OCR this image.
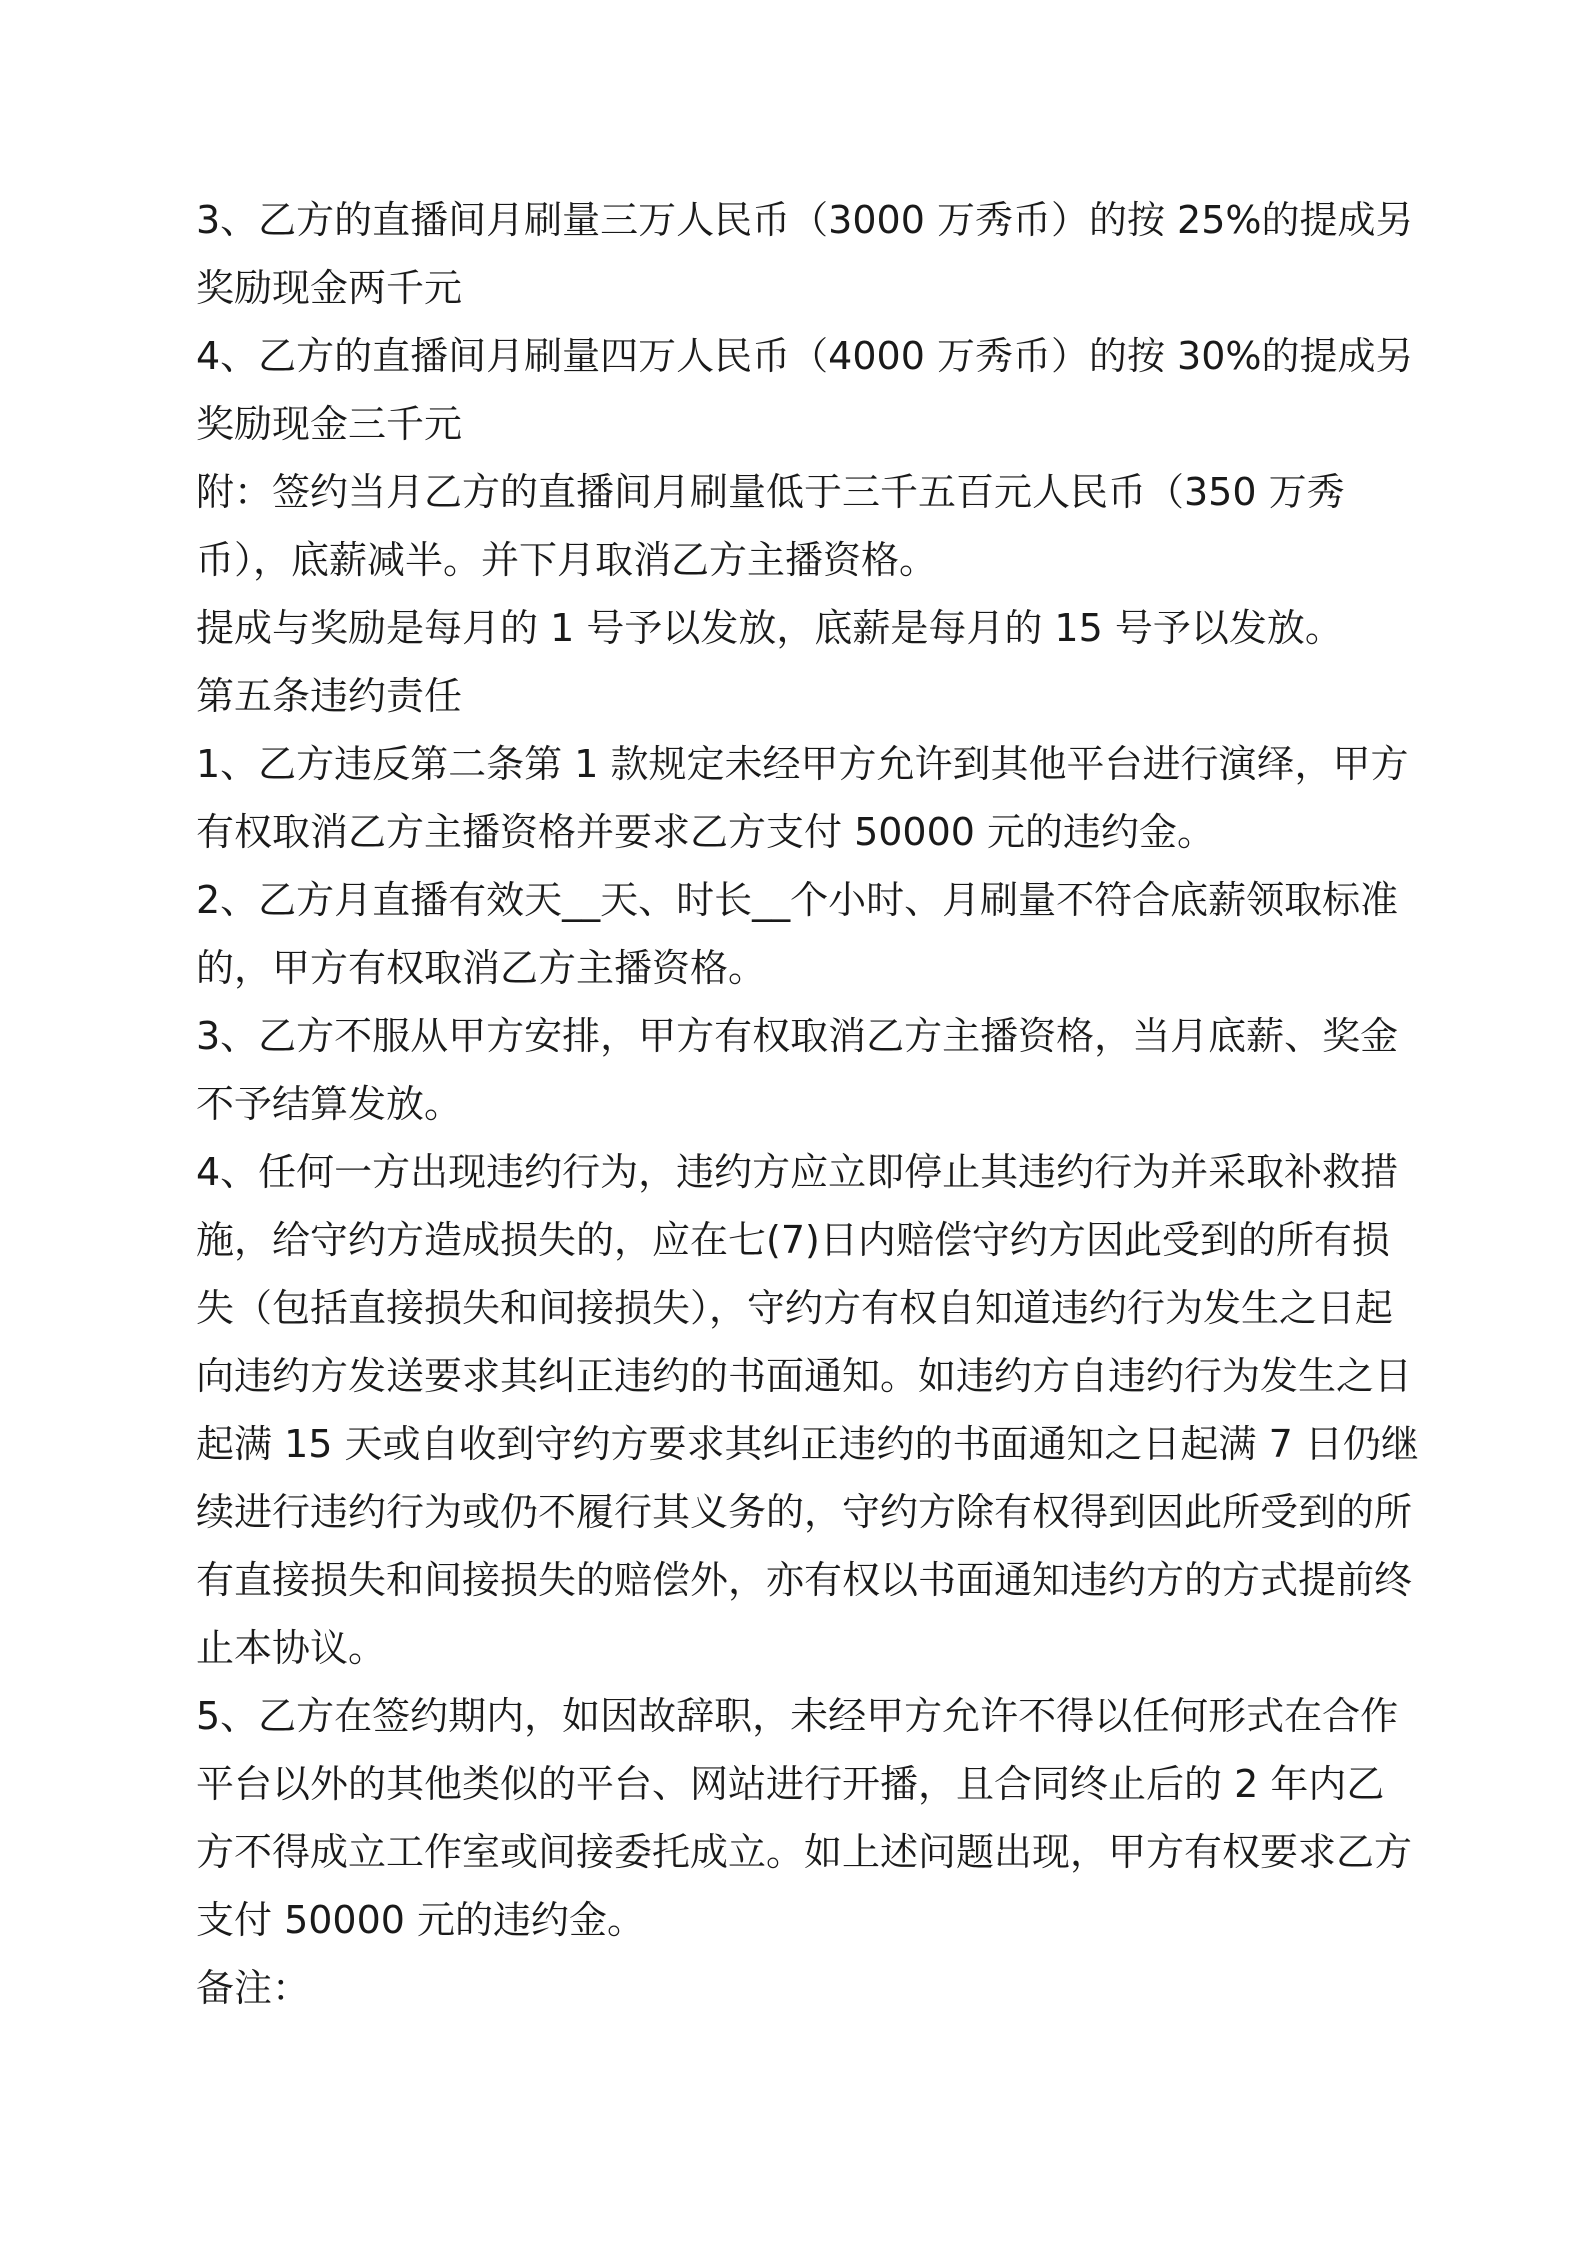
3、乙方的直播间月刷量三万人民币（3000 万秀币）的按 25%的提成另
奖励现金两千元

4、乙方的直播间月刷量四万人民币（4000 万秀币）的按 30%的提成另
奖励现金三千元

附：签约当月乙方的直播间月刷量低于三千五百元人民币（350 万秀
币），底薪减半。并下月取消乙方主播资格。

提成与奖励是每月的 1 号予以发放，底薪是每月的 15 号予以发放。

第五条违约责任

1、乙方违反第二条第 1 款规定未经甲方允许到其他平台进行演绎，甲方
有权取消乙方主播资格并要求乙方支付 50000 元的违约金。

2、乙方月直播有效天__天、时长__个小时、月刷量不符合底薪领取标准
的，甲方有权取消乙方主播资格。

3、乙方不服从甲方安排，甲方有权取消乙方主播资格，当月底薪、奖金
不予结算发放。

4、任何一方出现违约行为，违约方应立即停止其违约行为并采取补救措
施，给守约方造成损失的，应在七(7)日内赔偿守约方因此受到的所有损
失（包括直接损失和间接损失），守约方有权自知道违约行为发生之日起
向违约方发送要求其纠正违约的书面通知。如违约方自违约行为发生之日
起满 15 天或自收到守约方要求其纠正违约的书面通知之日起满 7 日仍继
续进行违约行为或仍不履行其义务的，守约方除有权得到因此所受到的所
有直接损失和间接损失的赔偿外，亦有权以书面通知违约方的方式提前终
止本协议。

5、乙方在签约期内，如因故辞职，未经甲方允许不得以任何形式在合作
平台以外的其他类似的平台、网站进行开播，且合同终止后的 2 年内乙
方不得成立工作室或间接委托成立。如上述问题出现，甲方有权要求乙方
支付 50000 元的违约金。

备注：
